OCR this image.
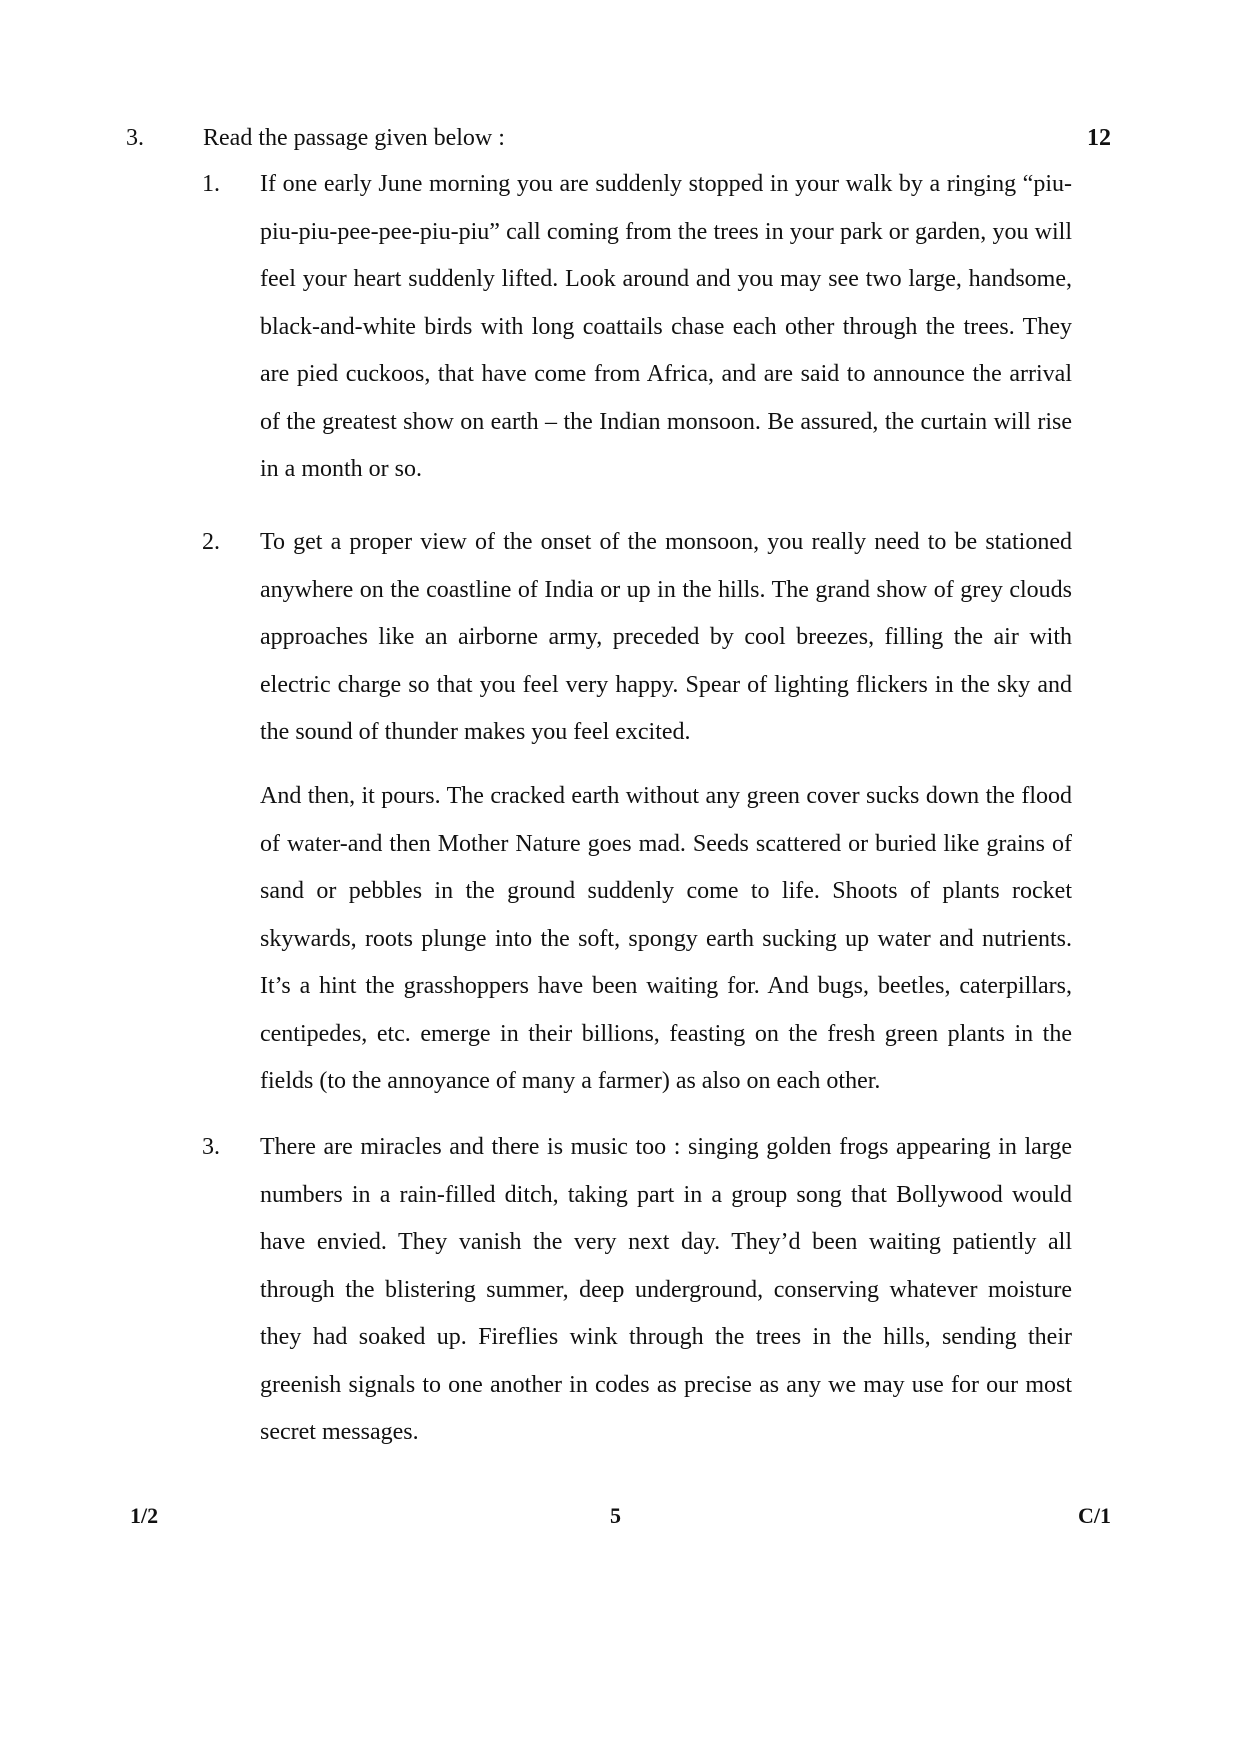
3. Read the passage given below :	12
1. If one early June morning you are suddenly stopped in your walk by a ringing “piu-piu-piu-pee-pee-piu-piu” call coming from the trees in your park or garden, you will feel your heart suddenly lifted. Look around and you may see two large, handsome, black-and-white birds with long coattails chase each other through the trees. They are pied cuckoos, that have come from Africa, and are said to announce the arrival of the greatest show on earth – the Indian monsoon. Be assured, the curtain will rise in a month or so.
2. To get a proper view of the onset of the monsoon, you really need to be stationed anywhere on the coastline of India or up in the hills. The grand show of grey clouds approaches like an airborne army, preceded by cool breezes, filling the air with electric charge so that you feel very happy. Spear of lighting flickers in the sky and the sound of thunder makes you feel excited.
And then, it pours. The cracked earth without any green cover sucks down the flood of water-and then Mother Nature goes mad. Seeds scattered or buried like grains of sand or pebbles in the ground suddenly come to life. Shoots of plants rocket skywards, roots plunge into the soft, spongy earth sucking up water and nutrients. It’s a hint the grasshoppers have been waiting for. And bugs, beetles, caterpillars, centipedes, etc. emerge in their billions, feasting on the fresh green plants in the fields (to the annoyance of many a farmer) as also on each other.
3. There are miracles and there is music too : singing golden frogs appearing in large numbers in a rain-filled ditch, taking part in a group song that Bollywood would have envied. They vanish the very next day. They’d been waiting patiently all through the blistering summer, deep underground, conserving whatever moisture they had soaked up. Fireflies wink through the trees in the hills, sending their greenish signals to one another in codes as precise as any we may use for our most secret messages.
1/2	5	C/1
